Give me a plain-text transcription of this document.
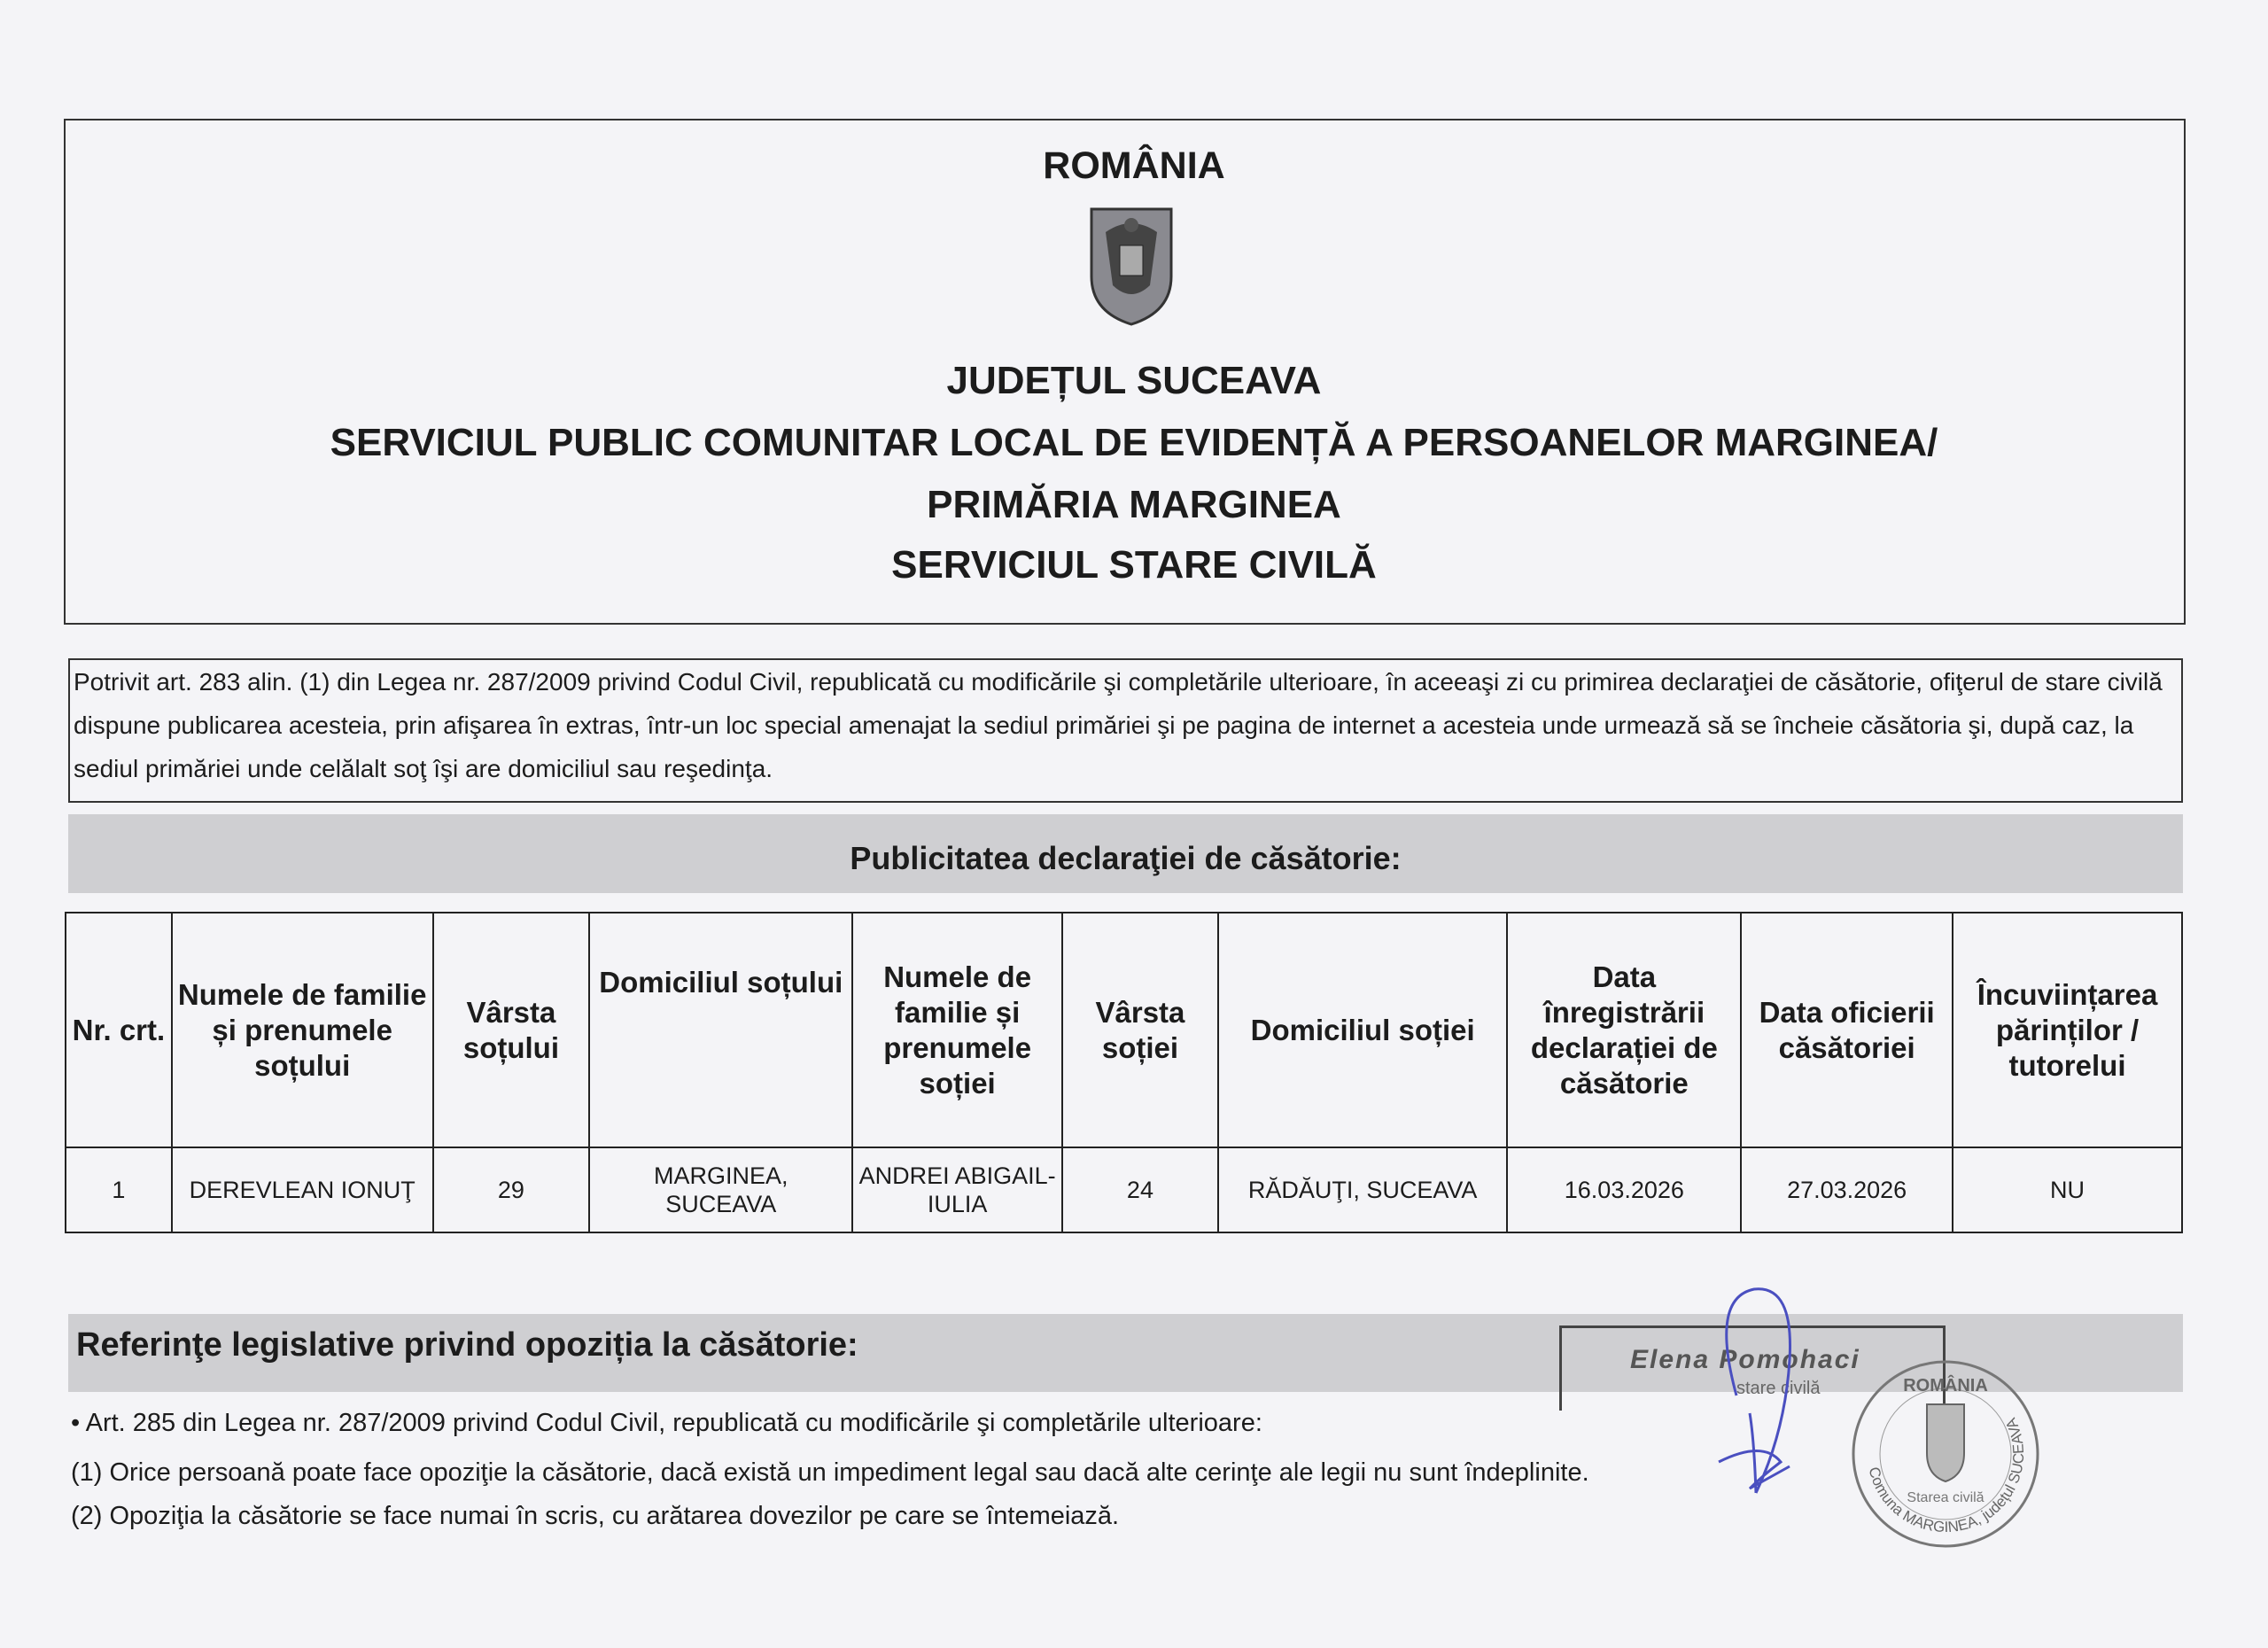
ROMÂNIA
JUDEȚUL SUCEAVA
SERVICIUL PUBLIC COMUNITAR LOCAL DE EVIDENȚĂ A PERSOANELOR MARGINEA/
PRIMĂRIA MARGINEA
SERVICIUL STARE CIVILĂ
Potrivit art. 283 alin. (1) din Legea nr. 287/2009 privind Codul Civil, republicată cu modificările şi completările ulterioare, în aceeaşi zi cu primirea declaraţiei de căsătorie, ofiţerul de stare civilă dispune publicarea acesteia, prin afişarea în extras, într-un loc special amenajat la sediul primăriei şi pe pagina de internet a acesteia unde urmează să se încheie căsătoria şi, după caz, la sediul primăriei unde celălalt soţ îşi are domiciliul sau reşedinţa.
Publicitatea declaraţiei de căsătorie:
Nr. crt.	Numele de familie și prenumele soțului	Vârsta soțului	Domiciliul soțului	Numele de familie și prenumele soției	Vârsta soției	Domiciliul soției	Data înregistrării declarației de căsătorie	Data oficierii căsătoriei	Încuviințarea părinților / tutorelui
1	DEREVLEAN IONUŢ	29	MARGINEA, SUCEAVA	ANDREI ABIGAIL-IULIA	24	RĂDĂUŢI, SUCEAVA	16.03.2026	27.03.2026	NU
Referinţe legislative privind opoziția la căsătorie:
• Art. 285 din Legea nr. 287/2009 privind Codul Civil, republicată cu modificările şi completările ulterioare:
(1) Orice persoană poate face opoziţie la căsătorie, dacă există un impediment legal sau dacă alte cerinţe ale legii nu sunt îndeplinite.
(2) Opoziţia la căsătorie se face numai în scris, cu arătarea dovezilor pe care se întemeiază.
Elena Pomohaci
stare civilă
Comuna MARGINEA, județul SUCEAVA
ROMÂNIA
Starea civilă
